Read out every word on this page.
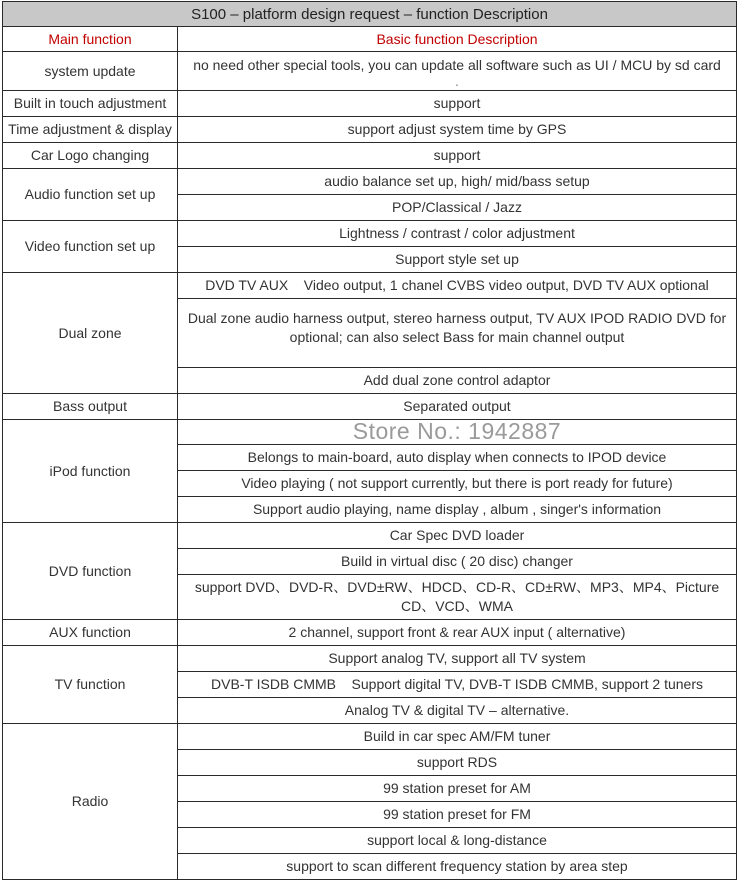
S100 – platform design request – function Description	
Main function	Basic function Description
system update	no need other special tools, you can update all software such as UI / MCU by sd card
.

Built in touch adjustment	support
Time adjustment & display	support adjust system time by GPS
Car Logo changing	support
Audio function set up	audio balance set up, high/ mid/bass setup
	POP/Classical / Jazz
Video function set up	Lightness / contrast / color adjustment
	Support style set up
Dual zone	DVD TV AUX    Video output, 1 chanel CVBS video output, DVD TV AUX optional
	Dual zone audio harness output, stereo harness output, TV AUX IPOD RADIO DVD for optional; can also select Bass for main channel output
	Add dual zone control adaptor
Bass output	Separated output
iPod function	Store No.: 1942887
	Belongs to main-board, auto display when connects to IPOD device
	Video playing ( not support currently, but there is port ready for future)
	Support audio playing, name display , album , singer's information
DVD function	Car Spec DVD loader
	Build in virtual disc ( 20 disc) changer
	support DVD、DVD-R、DVD±RW、HDCD、CD-R、CD±RW、MP3、MP4、Picture CD、VCD、WMA
AUX function	2 channel, support front & rear AUX input ( alternative)
TV function	Support analog TV, support all TV system
	DVB-T ISDB CMMB    Support digital TV, DVB-T ISDB CMMB, support 2 tuners
	Analog TV & digital TV – alternative.
Radio	Build in car spec AM/FM tuner
	support RDS
	99 station preset for AM
	99 station preset for FM
	support local & long-distance
	support to scan different frequency station by area step
